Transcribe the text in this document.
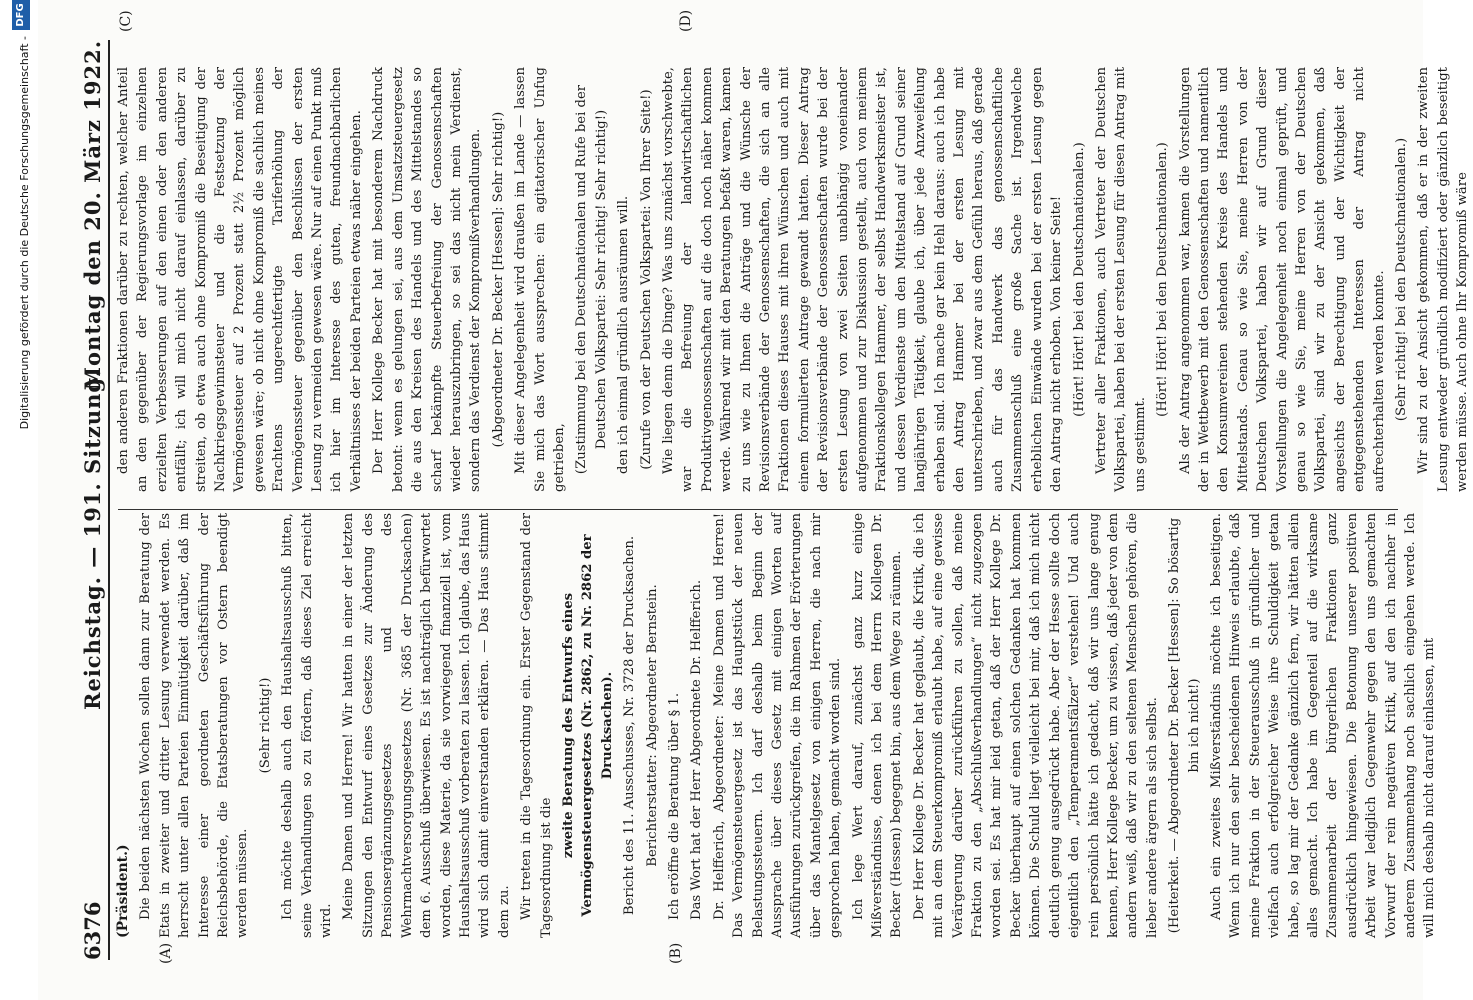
Digitalisierung gefördert durch die Deutsche Forschungsgemeinschaft -
DFG
6376
Reichstag. — 191. Sitzung.
Montag den 20. März 1922.
(A)	(B)
(C)	(D)

(Präsident.) Die beiden nächsten Wochen sollen dann zur Beratung der Etats in zweiter und dritter Lesung verwendet werden. Es herrscht unter allen Parteien Einmütigkeit darüber, daß im Interesse einer geordneten Geschäftsführung der Reichsbehörde, die Etatsberatungen vor Ostern beendigt werden müssen.

(Sehr richtig!) Ich möchte deshalb auch den Haushaltsausschuß bitten, seine Verhandlungen so zu fördern, daß dieses Ziel erreicht wird.

Meine Damen und Herren! Wir hatten in einer der letzten Sitzungen den Entwurf eines Gesetzes zur Änderung des Pensionsergänzungsgesetzes und des Wehrmachtversorgungsgesetzes (Nr. 3685 der Drucksachen) dem 6. Ausschuß überwiesen. Es ist nachträglich befürwortet worden, diese Materie, da sie vorwiegend finanziell ist, vom Haushaltsausschuß vorberaten zu lassen. Ich glaube, das Haus wird sich damit einverstanden erklären. — Das Haus stimmt dem zu. Wir treten in die Tagesordnung ein. Erster Gegenstand der Tagesordnung ist die

zweite Beratung des Entwurfs eines Vermögensteuergesetzes (Nr. 2862, zu Nr. 2862 der Drucksachen). Bericht des 11. Ausschusses, Nr. 3728 der Drucksachen. Berichterstatter: Abgeordneter Bernstein. Ich eröffne die Beratung über § 1. Das Wort hat der Herr Abgeordnete Dr. Helfferich. Dr. Helfferich, Abgeordneter: Meine Damen und Herren! Das Vermögensteuergesetz ist das Hauptstück der neuen Belastungssteuern. Ich darf deshalb beim Beginn der Aussprache über dieses Gesetz mit einigen Worten auf Ausführungen zurückgreifen, die im Rahmen der Erörterungen über das Mantelgesetz von einigen Herren, die nach mir gesprochen haben, gemacht worden sind. Ich lege Wert darauf, zunächst ganz kurz einige Mißverständnisse, denen ich bei dem Herrn Kollegen Dr. Becker (Hessen) begegnet bin, aus dem Wege zu räumen. Der Herr Kollege Dr. Becker hat geglaubt, die Kritik, die ich mit an dem Steuerkompromiß erlaubt habe, auf eine gewisse Verärgerung darüber zurückführen zu sollen, daß meine Fraktion zu den „Abschlußverhandlungen“ nicht zugezogen worden sei. Es hat mir leid getan, daß der Herr Kollege Dr. Becker überhaupt auf einen solchen Gedanken hat kommen können. Die Schuld liegt vielleicht bei mir, daß ich mich nicht deutlich genug ausgedrückt habe. Aber der Hesse sollte doch eigentlich den „Temperamentsfälzer“ verstehen! Und auch rein persönlich hätte ich gedacht, daß wir uns lange genug kennen, Herr Kollege Becker, um zu wissen, daß jeder von dem andern weiß, daß wir zu den seltenen Menschen gehören, die lieber andere ärgern als sich selbst. (Heiterkeit. — Abgeordneter Dr. Becker [Hessen]: So bösartig bin ich nicht!) Auch ein zweites Mißverständnis möchte ich beseitigen. Wenn ich nur den sehr bescheidenen Hinweis erlaubte, daß meine Fraktion in der Steuerausschuß in gründlicher und vielfach auch erfolgreicher Weise ihre Schuldigkeit getan habe, so lag mir der Gedanke gänzlich fern, wir hätten allein alles gemacht. Ich habe im Gegenteil auf die wirksame Zusammenarbeit der bürgerlichen Fraktionen ganz ausdrücklich hingewiesen. Die Betonung unserer positiven Arbeit war lediglich Gegenwehr gegen den uns gemachten Vorwurf der rein negativen Kritik, auf den ich nachher in anderem Zusammenhang noch sachlich eingehen werde. Ich will mich deshalb nicht darauf einlassen, mit

den anderen Fraktionen darüber zu rechten, welcher Anteil an den gegenüber der Regierungsvorlage im einzelnen erzielten Verbesserungen auf den einen oder den anderen entfällt; ich will mich nicht darauf einlassen, darüber zu streiten, ob etwa auch ohne Kompromiß die Beseitigung der Nachkriegsgewinnsteuer und die Festsetzung der Vermögenssteuer auf 2 Prozent statt 2½ Prozent möglich gewesen wäre; ob nicht ohne Kompromiß die sachlich meines Erachtens ungerechtfertigte Tariferhöhung der Vermögenssteuer gegenüber den Beschlüssen der ersten Lesung zu vermeiden gewesen wäre. Nur auf einen Punkt muß ich hier im Interesse des guten, freundnachbarlichen Verhältnisses der beiden Parteien etwas näher eingehen. Der Herr Kollege Becker hat mit besonderem Nachdruck betont: wenn es gelungen sei, aus dem Umsatzsteuergesetz die aus den Kreisen des Handels und des Mittelstandes so scharf bekämpfte Steuerbefreiung der Genossenschaften wieder herauszubringen, so sei das nicht mein Verdienst, sondern das Verdienst der Kompromißverhandlungen. (Abgeordneter Dr. Becker [Hessen]: Sehr richtig!) Mit dieser Angelegenheit wird draußen im Lande — lassen Sie mich das Wort aussprechen: ein agitatorischer Unfug getrieben, (Zustimmung bei den Deutschnationalen und Rufe bei der Deutschen Volkspartei: Sehr richtig! Sehr richtig!) den ich einmal gründlich ausräumen will. (Zurufe von der Deutschen Volkspartei: Von Ihrer Seite!) Wie liegen denn die Dinge? Was uns zunächst vorschwebte, war die Befreiung der landwirtschaftlichen Produktivgenossenschaften auf die doch noch näher kommen werde. Während wir mit den Beratungen befaßt waren, kamen zu uns wie zu Ihnen die Anträge und die Wünsche der Revisionsverbände der Genossenschaften, die sich an alle Fraktionen dieses Hauses mit ihren Wünschen und auch mit einem formulierten Antrage gewandt hatten. Dieser Antrag der Revisionsverbände der Genossenschaften wurde bei der ersten Lesung von zwei Seiten unabhängig voneinander aufgenommen und zur Diskussion gestellt, auch von meinem Fraktionskollegen Hammer, der selbst Handwerksmeister ist, und dessen Verdienste um den Mittelstand auf Grund seiner langjährigen Tätigkeit, glaube ich, über jede Anzweifelung erhaben sind. Ich mache gar kein Hehl daraus: auch ich habe den Antrag Hammer bei der ersten Lesung mit unterschrieben, und zwar aus dem Gefühl heraus, daß gerade auch für das Handwerk das genossenschaftliche Zusammenschluß eine große Sache ist. Irgendwelche erheblichen Einwände wurden bei der ersten Lesung gegen den Antrag nicht erhoben. Von keiner Seite! (Hört! Hört! bei den Deutschnationalen.) Vertreter aller Fraktionen, auch Vertreter der Deutschen Volkspartei, haben bei der ersten Lesung für diesen Antrag mit uns gestimmt.

(Hört! Hört! bei den Deutschnationalen.) Als der Antrag angenommen war, kamen die Vorstellungen der in Wettbewerb mit den Genossenschaften und namentlich den Konsumvereinen stehenden Kreise des Handels und Mittelstands. Genau so wie Sie, meine Herren von der Deutschen Volkspartei, haben wir auf Grund dieser Vorstellungen die Angelegenheit noch einmal geprüft, und genau so wie Sie, meine Herren von der Deutschen Volkspartei, sind wir zu der Ansicht gekommen, daß angesichts der Berechtigung und der Wichtigkeit der entgegenstehenden Interessen der Antrag nicht aufrechterhalten werden konnte. (Sehr richtig! bei den Deutschnationalen.) Wir sind zu der Ansicht gekommen, daß er in der zweiten Lesung entweder gründlich modifiziert oder gänzlich beseitigt werden müsse. Auch ohne Ihr Kompromiß wäre
